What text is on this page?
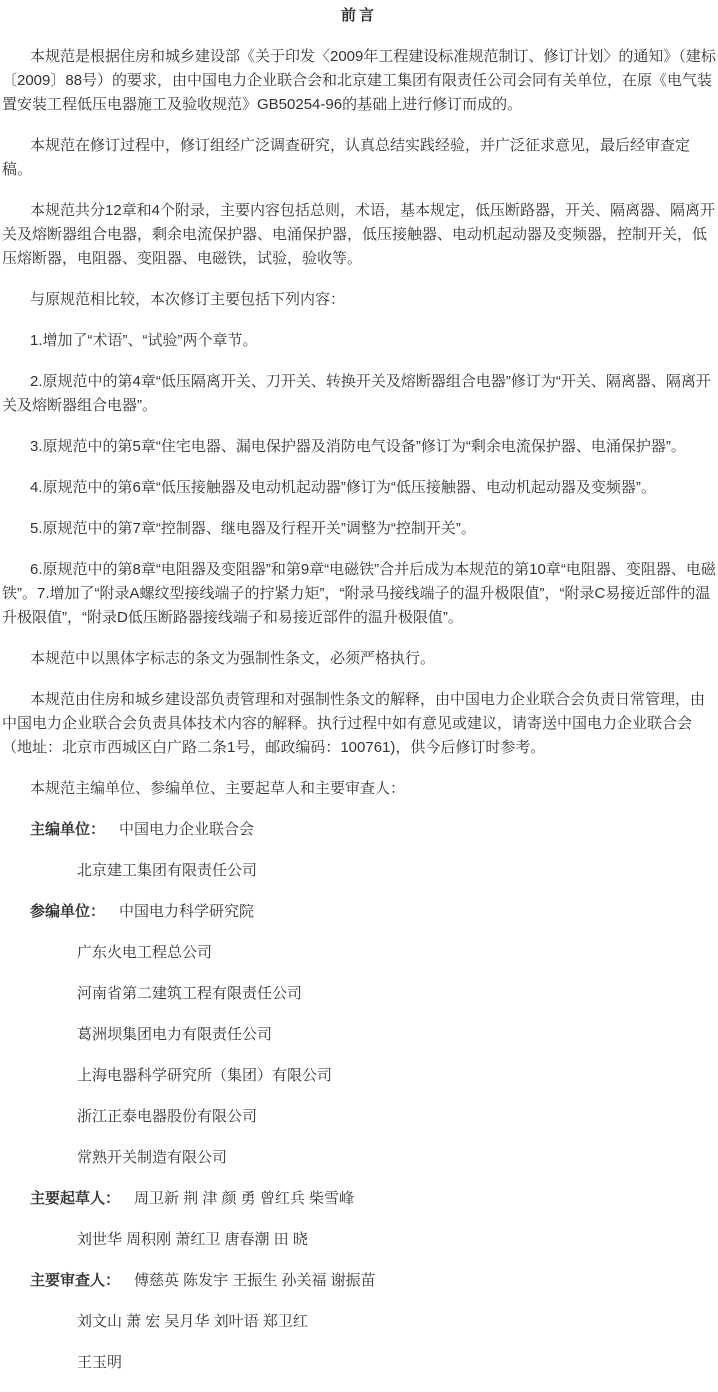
前言

本规范是根据住房和城乡建设部《关于印发〈2009年工程建设标准规范制订、修订计划〉的通知》（建标〔2009〕88号）的要求，由中国电力企业联合会和北京建工集团有限责任公司会同有关单位，在原《电气装置安装工程低压电器施工及验收规范》GB50254-96的基础上进行修订而成的。

本规范在修订过程中，修订组经广泛调查研究，认真总结实践经验，并广泛征求意见，最后经审查定稿。

本规范共分12章和4个附录，主要内容包括总则，术语，基本规定，低压断路器，开关、隔离器、隔离开关及熔断器组合电器，剩余电流保护器、电涌保护器，低压接触器、电动机起动器及变频器，控制开关，低压熔断器，电阻器、变阻器、电磁铁，试验，验收等。

与原规范相比较，本次修订主要包括下列内容：

1.增加了“术语”、“试验”两个章节。

2.原规范中的第4章“低压隔离开关、刀开关、转换开关及熔断器组合电器”修订为“开关、隔离器、隔离开关及熔断器组合电器”。

3.原规范中的第5章“住宅电器、漏电保护器及消防电气设备”修订为“剩余电流保护器、电涌保护器”。

4.原规范中的第6章“低压接触器及电动机起动器”修订为“低压接触器、电动机起动器及变频器”。

5.原规范中的第7章“控制器、继电器及行程开关”调整为“控制开关”。

6.原规范中的第8章“电阻器及变阻器”和第9章“电磁铁”合并后成为本规范的第10章“电阻器、变阻器、电磁铁”。7.增加了“附录A螺纹型接线端子的拧紧力矩”，“附录马接线端子的温升极限值”，“附录C易接近部件的温升极限值”，“附录D低压断路器接线端子和易接近部件的温升极限值”。

本规范中以黑体字标志的条文为强制性条文，必须严格执行。

本规范由住房和城乡建设部负责管理和对强制性条文的解释，由中国电力企业联合会负责日常管理，由中国电力企业联合会负责具体技术内容的解释。执行过程中如有意见或建议，请寄送中国电力企业联合会（地址：北京市西城区白广路二条1号，邮政编码：100761)，供今后修订时参考。

本规范主编单位、参编单位、主要起草人和主要审查人：

主编单位： 中国电力企业联合会

北京建工集团有限责任公司

参编单位： 中国电力科学研究院

广东火电工程总公司

河南省第二建筑工程有限责任公司

葛洲坝集团电力有限责任公司

上海电器科学研究所（集团）有限公司

浙江正泰电器股份有限公司

常熟开关制造有限公司

主要起草人： 周卫新 荆 津 颜 勇 曾红兵 柴雪峰

刘世华 周积刚 萧红卫 唐春潮 田 晓

主要审查人： 傅慈英 陈发宇 王振生 孙关福 谢振苗

刘文山 萧 宏 吴月华 刘叶语 郑卫红

王玉明
